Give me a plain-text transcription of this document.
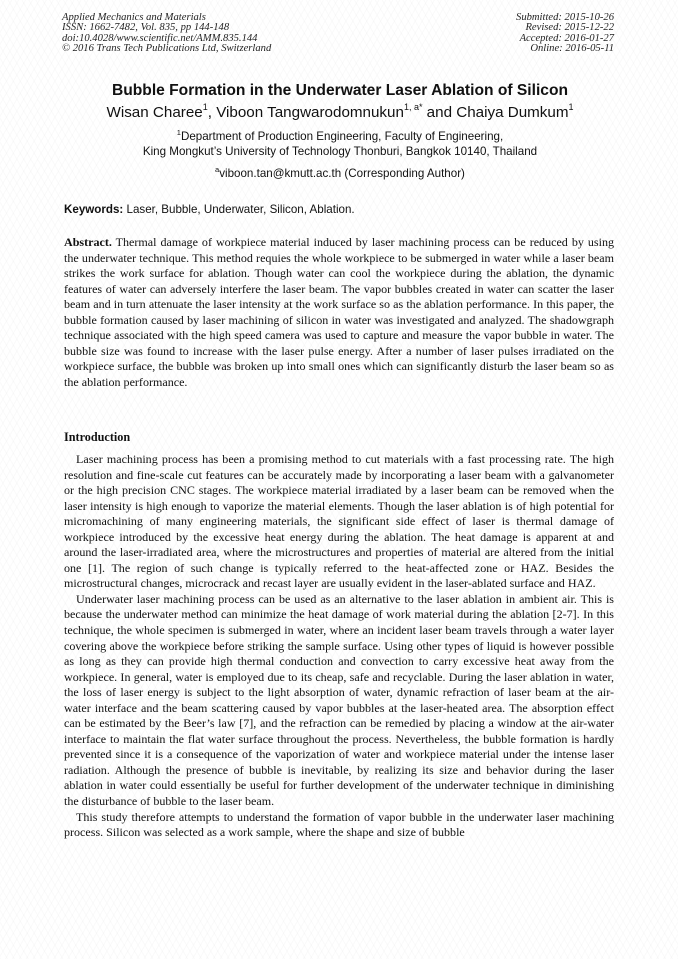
Applied Mechanics and Materials
ISSN: 1662-7482, Vol. 835, pp 144-148
doi:10.4028/www.scientific.net/AMM.835.144
© 2016 Trans Tech Publications Ltd, Switzerland
Submitted: 2015-10-26
Revised: 2015-12-22
Accepted: 2016-01-27
Online: 2016-05-11
Bubble Formation in the Underwater Laser Ablation of Silicon
Wisan Charee$^1$, Viboon Tangwarodomnukun$^{1, a*}$ and Chaiya Dumkum$^1$
$^1$Department of Production Engineering, Faculty of Engineering,
King Mongkut’s University of Technology Thonburi, Bangkok 10140, Thailand
$^a$viboon.tan@kmutt.ac.th (Corresponding Author)
Keywords: Laser, Bubble, Underwater, Silicon, Ablation.
Abstract. Thermal damage of workpiece material induced by laser machining process can be reduced by using the underwater technique. This method requies the whole workpiece to be submerged in water while a laser beam strikes the work surface for ablation. Though water can cool the workpiece during the ablation, the dynamic features of water can adversely interfere the laser beam. The vapor bubbles created in water can scatter the laser beam and in turn attenuate the laser intensity at the work surface so as the ablation performance. In this paper, the bubble formation caused by laser machining of silicon in water was investigated and analyzed. The shadowgraph technique associated with the high speed camera was used to capture and measure the vapor bubble in water. The bubble size was found to increase with the laser pulse energy. After a number of laser pulses irradiated on the workpiece surface, the bubble was broken up into small ones which can significantly disturb the laser beam so as the ablation performance.
Introduction

Laser machining process has been a promising method to cut materials with a fast processing rate. The high resolution and fine-scale cut features can be accurately made by incorporating a laser beam with a galvanometer or the high precision CNC stages. The workpiece material irradiated by a laser beam can be removed when the laser intensity is high enough to vaporize the material elements. Though the laser ablation is of high potential for micromachining of many engineering materials, the significant side effect of laser is thermal damage of workpiece introduced by the excessive heat energy during the ablation. The heat damage is apparent at and around the laser-irradiated area, where the microstructures and properties of material are altered from the initial one [1]. The region of such change is typically referred to the heat-affected zone or HAZ. Besides the microstructural changes, microcrack and recast layer are usually evident in the laser-ablated surface and HAZ.

Underwater laser machining process can be used as an alternative to the laser ablation in ambient air. This is because the underwater method can minimize the heat damage of work material during the ablation [2-7]. In this technique, the whole specimen is submerged in water, where an incident laser beam travels through a water layer covering above the workpiece before striking the sample surface. Using other types of liquid is however possible as long as they can provide high thermal conduction and convection to carry excessive heat away from the workpiece. In general, water is employed due to its cheap, safe and recyclable. During the laser ablation in water, the loss of laser energy is subject to the light absorption of water, dynamic refraction of laser beam at the air-water interface and the beam scattering caused by vapor bubbles at the laser-heated area. The absorption effect can be estimated by the Beer’s law [7], and the refraction can be remedied by placing a window at the air-water interface to maintain the flat water surface throughout the process. Nevertheless, the bubble formation is hardly prevented since it is a consequence of the vaporization of water and workpiece material under the intense laser radiation. Although the presence of bubble is inevitable, by realizing its size and behavior during the laser ablation in water could essentially be useful for further development of the underwater technique in diminishing the disturbance of bubble to the laser beam.

This study therefore attempts to understand the formation of vapor bubble in the underwater laser machining process. Silicon was selected as a work sample, where the shape and size of bubble
